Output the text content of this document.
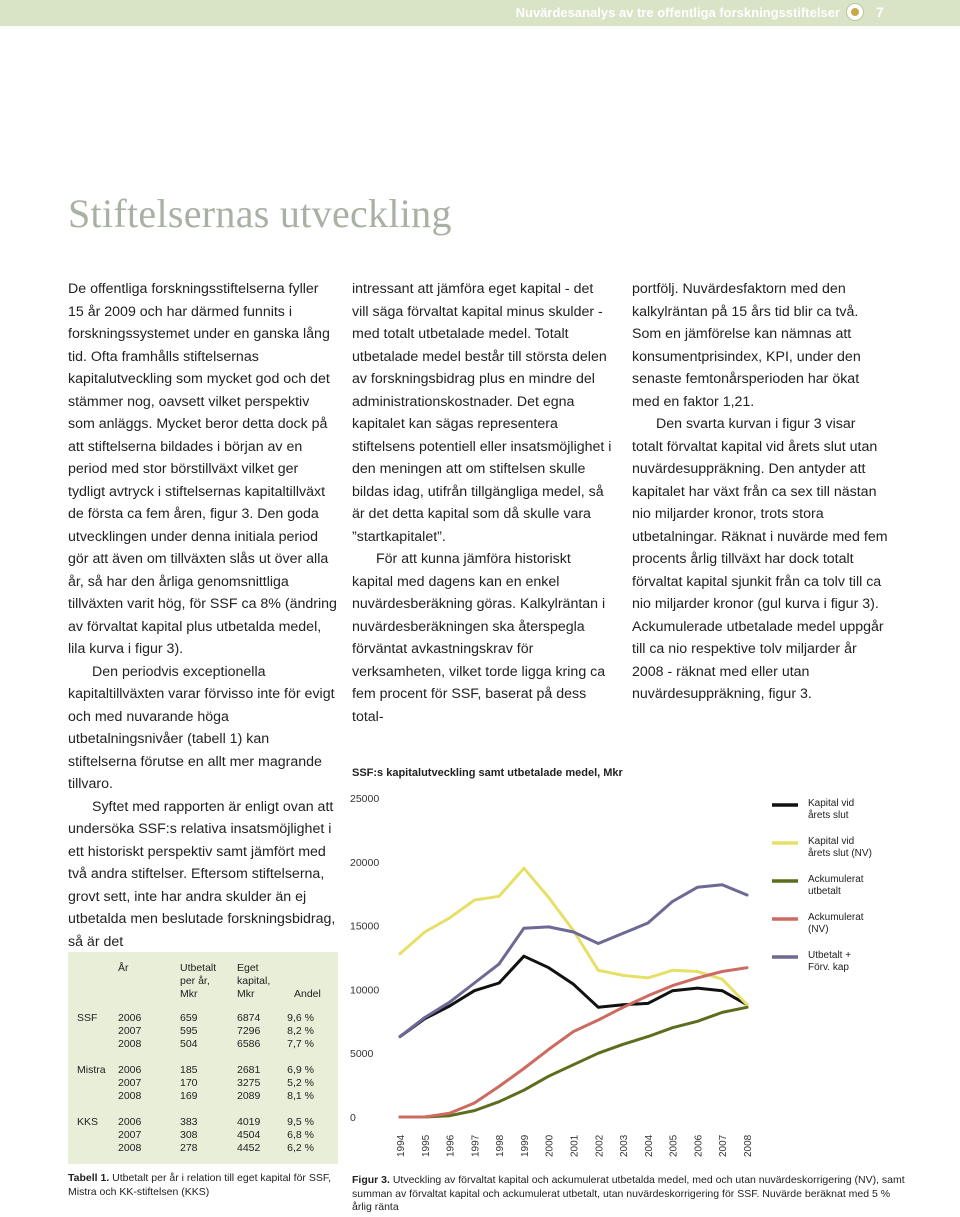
Nuvärdesanalys av tre offentliga forskningsstiftelser	7
Stiftelsernas utveckling

De offentliga forskningsstiftelserna fyller 15 år 2009 och har därmed funnits i forskningssystemet under en ganska lång tid. Ofta framhålls stiftelsernas kapitalutveckling som mycket god och det stämmer nog, oavsett vilket perspektiv som anläggs. Mycket beror detta dock på att stiftelserna bildades i början av en period med stor börstillväxt vilket ger tydligt avtryck i stiftelsernas kapitaltillväxt de första ca fem åren, figur 3. Den goda utvecklingen under denna initiala period gör att även om tillväxten slås ut över alla år, så har den årliga genomsnittliga tillväxten varit hög, för SSF ca 8% (ändring av förvaltat kapital plus utbetalda medel, lila kurva i figur 3).

Den periodvis exceptionella kapitaltillväxten varar förvisso inte för evigt och med nuvarande höga utbetalningsnivåer (tabell 1) kan stiftelserna förutse en allt mer magrande tillvaro.

Syftet med rapporten är enligt ovan att undersöka SSF:s relativa insatsmöjlighet i ett historiskt perspektiv samt jämfört med två andra stiftelser. Eftersom stiftelserna, grovt sett, inte har andra skulder än ej utbetalda men beslutade forskningsbidrag, så är det

intressant att jämföra eget kapital - det vill säga förvaltat kapital minus skulder - med totalt utbetalade medel. Totalt utbetalade medel består till största delen av forskningsbidrag plus en mindre del administrationskostnader. Det egna kapitalet kan sägas representera stiftelsens potentiell eller insatsmöjlighet i den meningen att om stiftelsen skulle bildas idag, utifrån tillgängliga medel, så är det detta kapital som då skulle vara ”startkapitalet”.

För att kunna jämföra historiskt kapital med dagens kan en enkel nuvärdesberäkning göras. Kalkylräntan i nuvärdesberäkningen ska återspegla förväntat avkastningskrav för verksamheten, vilket torde ligga kring ca fem procent för SSF, baserat på dess total-

portfölj. Nuvärdesfaktorn med den kalkylräntan på 15 års tid blir ca två. Som en jämförelse kan nämnas att konsumentprisindex, KPI, under den senaste femtonårsperioden har ökat med en faktor 1,21.

Den svarta kurvan i figur 3 visar totalt förvaltat kapital vid årets slut utan nuvärdesuppräkning. Den antyder att kapitalet har växt från ca sex till nästan nio miljarder kronor, trots stora utbetalningar. Räknat i nuvärde med fem procents årlig tillväxt har dock totalt förvaltat kapital sjunkit från ca tolv till ca nio miljarder kronor (gul kurva i figur 3). Ackumulerade utbetalade medel uppgår till ca nio respektive tolv miljarder år 2008 - räknat med eller utan nuvärdesuppräkning, figur 3.

År	Utbetalt
per år,
Mkr
Eget
kapital,
Mkr	Andel
SSF 2006	659	6874	9,6 %
2007	595	7296	8,2 %
2008	504	6586	7,7 %
Mistra 2006	185	2681	6,9 %
2007	170	3275	5,2 %
2008	169	2089	8,1 %
KKS 2006	383	4019	9,5 %
2007	308	4504	6,8 %
2008	278	4452	6,2 %
Tabell 1. Utbetalt per år i relation till eget kapital för SSF, Mistra och KK-stiftelsen (KKS)
SSF:s kapitalutveckling samt utbetalade medel, Mkr
0
5000
10000
15000
20000
25000
1994 1995 1996 1997 1998 1999 2000 2001 2002 2003 2004 2005 2006 2007 2008
Kapital vid
årets slut
Kapital vid
årets slut (NV)
Ackumulerat
utbetalt
Ackumulerat
(NV)
Utbetalt +
Förv. kap
Figur 3. Utveckling av förvaltat kapital och ackumulerat utbetalda medel, med och utan nuvärdeskorrigering (NV), samt summan av förvaltat kapital och ackumulerat utbetalt, utan nuvärdeskorrigering för SSF. Nuvärde beräknat med 5 % årlig ränta
